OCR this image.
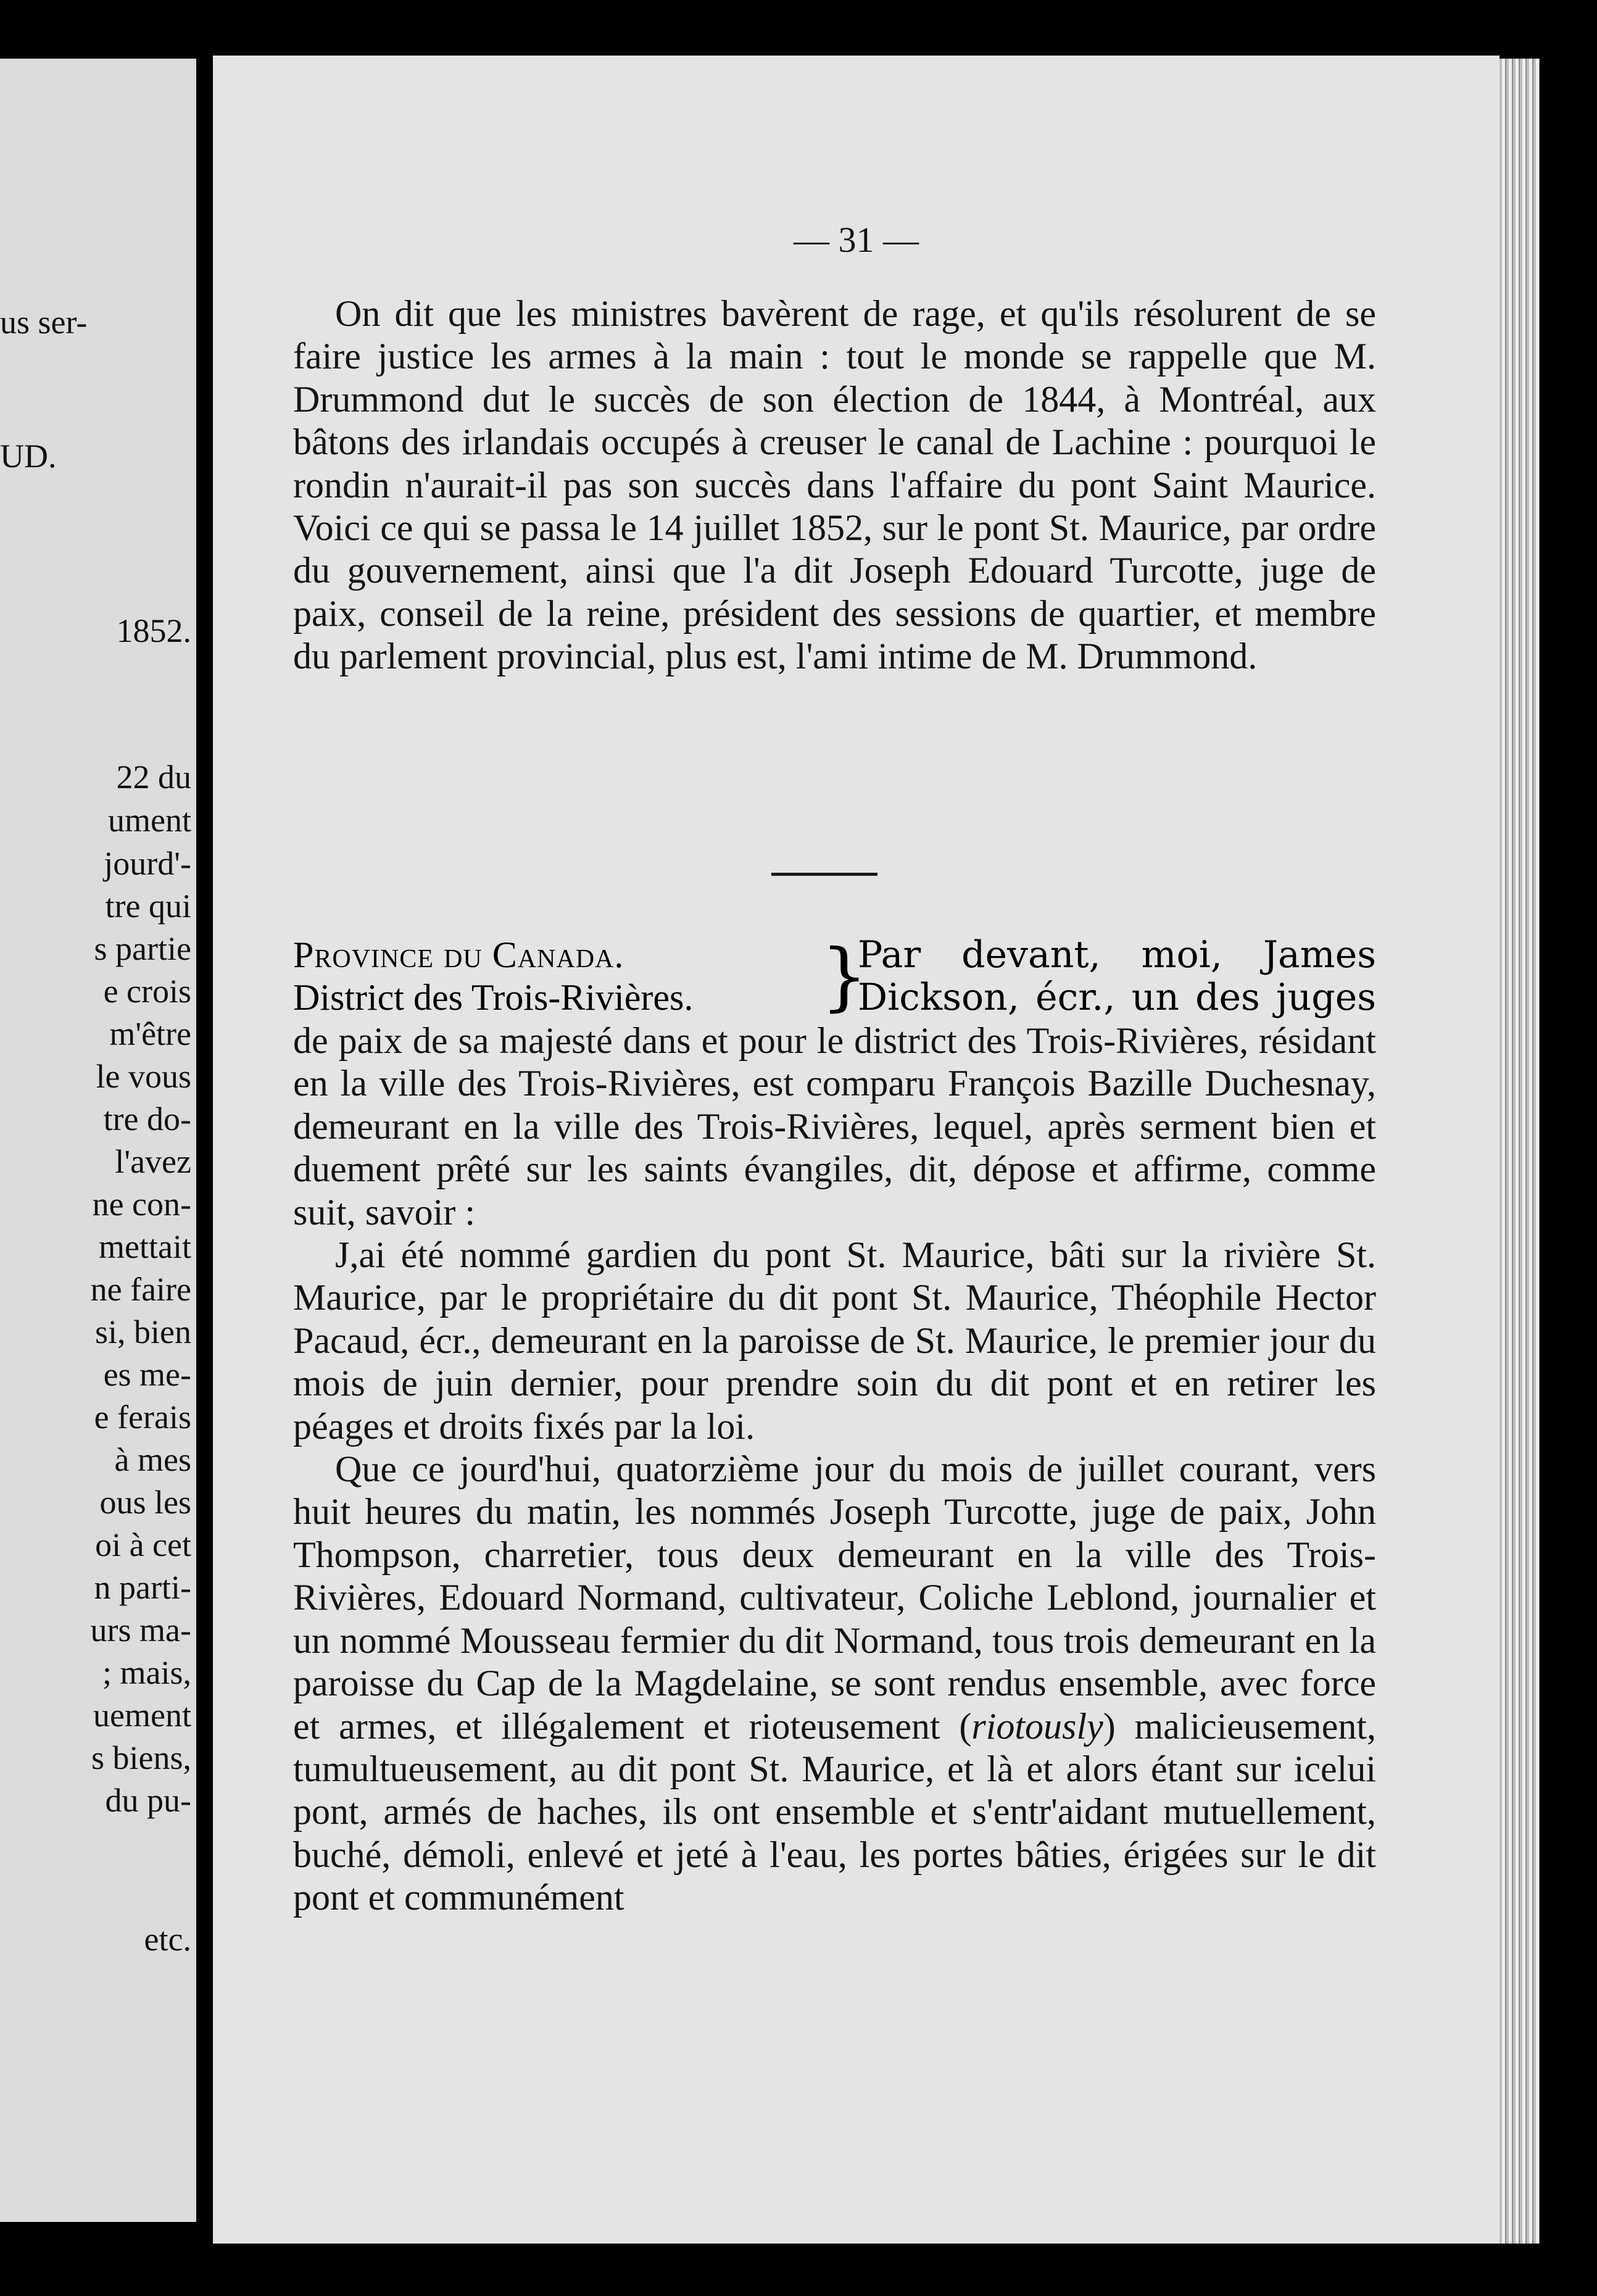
us ser-
UD.
1852.
22 du
ument
jourd'-
tre qui
s partie
e crois
m'être
le vous
tre do-
l'avez
ne con-
mettait
ne faire
si, bien
es me-
e ferais
à mes
ous les
oi à cet
n parti-
urs ma-
; mais,
uement
s biens,
du pu-
etc.
— 31 —

On dit que les ministres bavèrent de rage, et qu'ils résolurent de se faire justice les armes à la main : tout le monde se rappelle que M. Drummond dut le succès de son élection de 1844, à Montréal, aux bâtons des irlandais occupés à creuser le canal de Lachine : pourquoi le rondin n'aurait-il pas son succès dans l'affaire du pont Saint Maurice. Voici ce qui se passa le 14 juillet 1852, sur le pont St. Maurice, par ordre du gouvernement, ainsi que l'a dit Joseph Edouard Turcotte, juge de paix, conseil de la reine, président des sessions de quartier, et membre du parlement provincial, plus est, l'ami intime de M. Drummond.

Province du Canada.
District des Trois-Rivières. }
Par devant, moi, James
Dickson, écr., un des juges

de paix de sa majesté dans et pour le district des Trois-Rivières, résidant en la ville des Trois-Rivières, est comparu François Bazille Duchesnay, demeurant en la ville des Trois-Rivières, lequel, après serment bien et duement prêté sur les saints évangiles, dit, dépose et affirme, comme suit, savoir :

J,ai été nommé gardien du pont St. Maurice, bâti sur la rivière St. Maurice, par le propriétaire du dit pont St. Maurice, Théophile Hector Pacaud, écr., demeurant en la paroisse de St. Maurice, le premier jour du mois de juin dernier, pour prendre soin du dit pont et en retirer les péages et droits fixés par la loi.

Que ce jourd'hui, quatorzième jour du mois de juillet courant, vers huit heures du matin, les nommés Joseph Turcotte, juge de paix, John Thompson, charretier, tous deux demeurant en la ville des Trois-Rivières, Edouard Normand, cultivateur, Coliche Leblond, journalier et un nommé Mousseau fermier du dit Normand, tous trois demeurant en la paroisse du Cap de la Magdelaine, se sont rendus ensemble, avec force et armes, et illégalement et rioteusement (riotously) malicieusement, tumultueusement, au dit pont St. Maurice, et là et alors étant sur icelui pont, armés de haches, ils ont ensemble et s'entr'aidant mutuellement, buché, démoli, enlevé et jeté à l'eau, les portes bâties, érigées sur le dit pont et communément
